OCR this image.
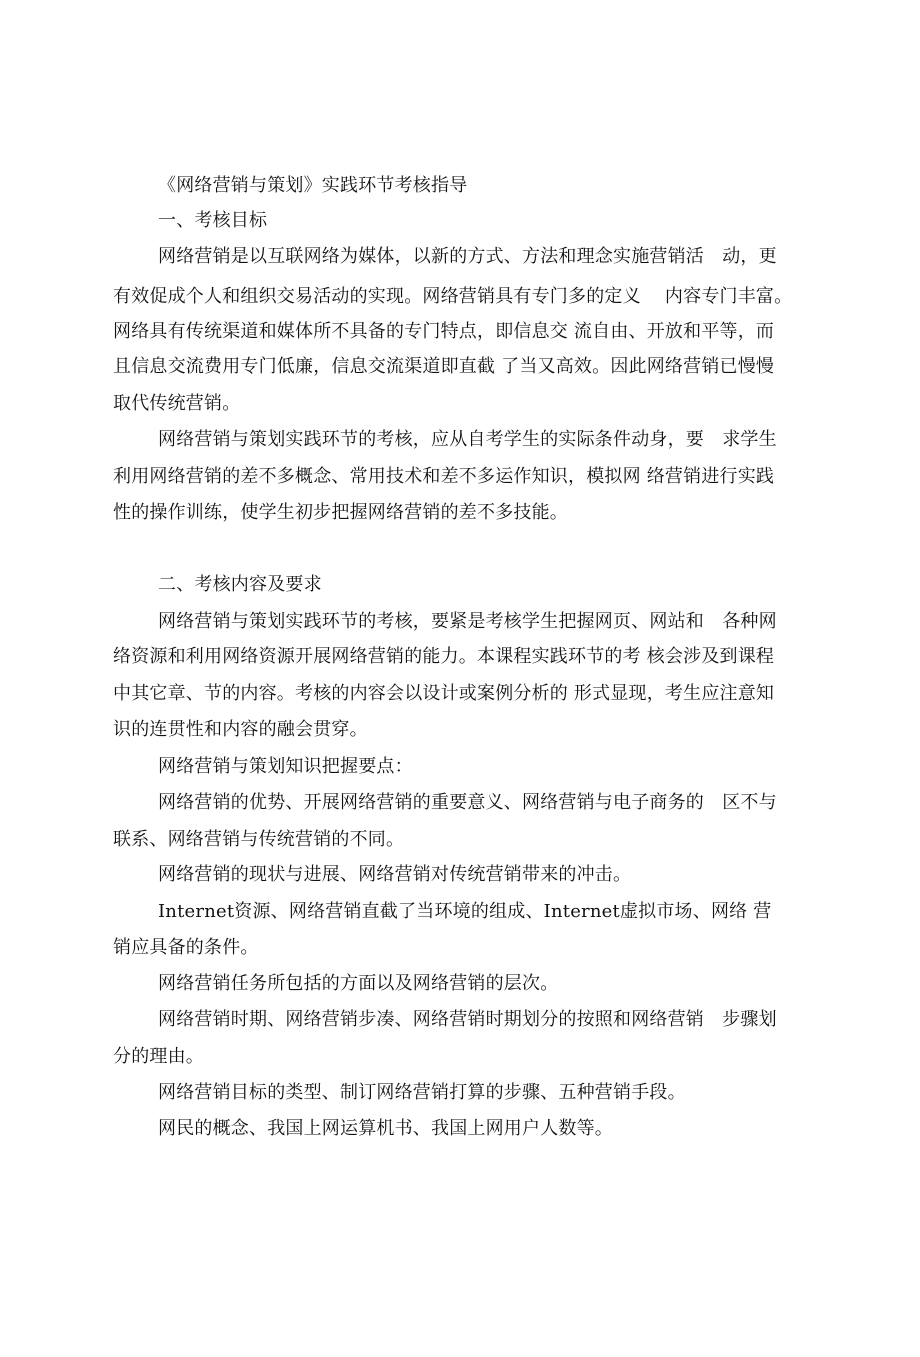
《网络营销与策划》实践环节考核指导
一、考核目标
网络营销是以互联网络为媒体，以新的方式、方法和理念实施营销活　动，更
有效促成个人和组织交易活动的实现。网络营销具有专门多的定义　 内容专门丰富。
网络具有传统渠道和媒体所不具备的专门特点，即信息交 流自由、开放和平等，而
且信息交流费用专门低廉，信息交流渠道即直截 了当又高效。因此网络营销已慢慢
取代传统营销。
网络营销与策划实践环节的考核，应从自考学生的实际条件动身，要　求学生
利用网络营销的差不多概念、常用技术和差不多运作知识，模拟网 络营销进行实践
性的操作训练，使学生初步把握网络营销的差不多技能。
二、考核内容及要求
网络营销与策划实践环节的考核，要紧是考核学生把握网页、网站和　各种网
络资源和利用网络资源开展网络营销的能力。本课程实践环节的考 核会涉及到课程
中其它章、节的内容。考核的内容会以设计或案例分析的 形式显现，考生应注意知
识的连贯性和内容的融会贯穿。
网络营销与策划知识把握要点：
网络营销的优势、开展网络营销的重要意义、网络营销与电子商务的　区不与
联系、网络营销与传统营销的不同。
网络营销的现状与进展、网络营销对传统营销带来的冲击。
Internet资源、网络营销直截了当环境的组成、Internet虚拟市场、网络 营
销应具备的条件。
网络营销任务所包括的方面以及网络营销的层次。
网络营销时期、网络营销步凑、网络营销时期划分的按照和网络营销　步骤划
分的理由。
网络营销目标的类型、制订网络营销打算的步骤、五种营销手段。
网民的概念、我国上网运算机书、我国上网用户人数等。
